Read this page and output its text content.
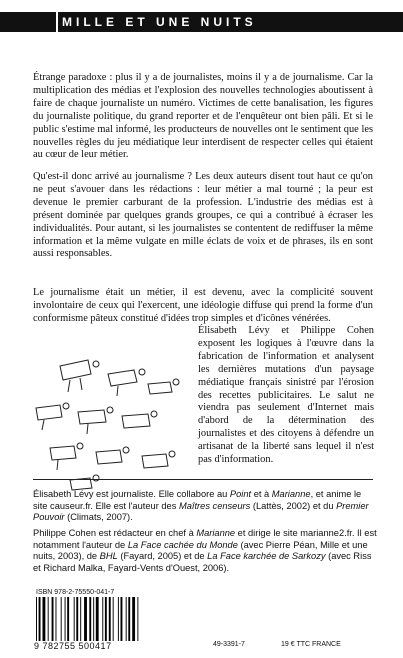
MILLE ET UNE NUITS

Étrange paradoxe : plus il y a de journalistes, moins il y a de journalisme. Car la multiplication des médias et l'explosion des nouvelles technologies aboutissent à faire de chaque journaliste un numéro. Victimes de cette banalisation, les figures du journaliste politique, du grand reporter et de l'enquêteur ont bien pâli. Et si le public s'estime mal informé, les producteurs de nouvelles ont le sentiment que les nouvelles règles du jeu médiatique leur interdisent de respecter celles qui étaient au cœur de leur métier.

Qu'est-il donc arrivé au journalisme ? Les deux auteurs disent tout haut ce qu'on ne peut s'avouer dans les rédactions : leur métier a mal tourné ; la peur est devenue le premier carburant de la profession. L'industrie des médias est à présent dominée par quelques grands groupes, ce qui a contribué à écraser les individualités. Pour autant, si les journalistes se contentent de rediffuser la même information et la même vulgate en mille éclats de voix et de phrases, ils en sont aussi responsables.

Le journalisme était un métier, il est devenu, avec la complicité souvent involontaire de ceux qui l'exercent, une idéologie diffuse qui prend la forme d'un conformisme pâteux constitué d'idées trop simples et d'icônes vénérées.

Élisabeth Lévy et Philippe Cohen exposent les logiques à l'œuvre dans la fabrication de l'information et analysent les dernières mutations d'un paysage médiatique français sinistré par l'érosion des recettes publicitaires. Le salut ne viendra pas seulement d'Internet mais d'abord de la détermination des journalistes et des citoyens à défendre un artisanat de la liberté sans lequel il n'est pas d'information.

Élisabeth Lévy est journaliste. Elle collabore au Point et à Marianne, et anime le site causeur.fr. Elle est l'auteur des Maîtres censeurs (Lattès, 2002) et du Premier Pouvoir (Climats, 2007).

Philippe Cohen est rédacteur en chef à Marianne et dirige le site marianne2.fr. Il est notamment l'auteur de La Face cachée du Monde (avec Pierre Péan, Mille et une nuits, 2003), de BHL (Fayard, 2005) et de La Face karchée de Sarkozy (avec Riss et Richard Malka, Fayard-Vents d'Ouest, 2006).

ISBN 978-2-75550-041-7
9 782755 500417	49-3391-7	19 € TTC FRANCE
